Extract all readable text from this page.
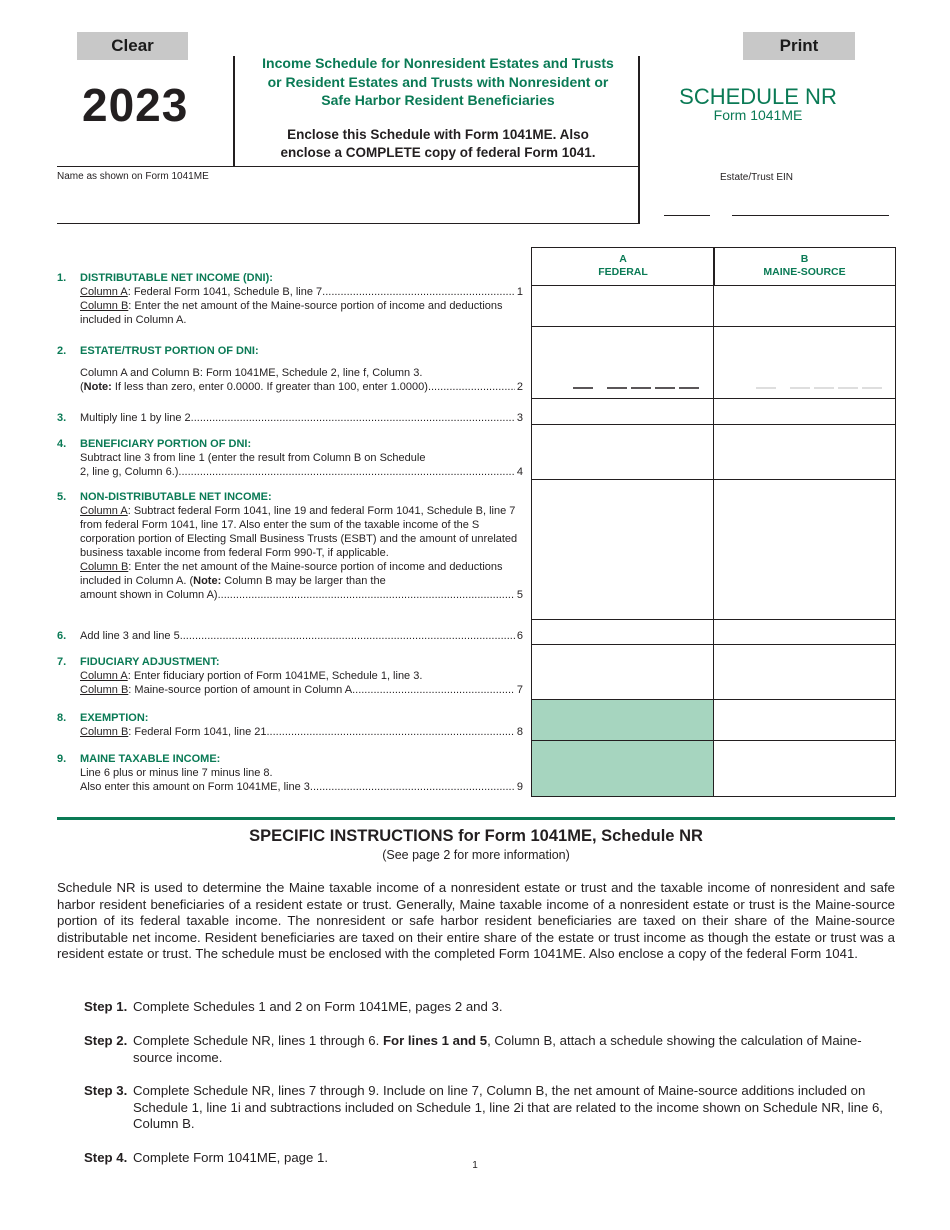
Clear	Print
2023
Income Schedule for Nonresident Estates and Trusts
or Resident Estates and Trusts with Nonresident or
Safe Harbor Resident Beneficiaries
Enclose this Schedule with Form 1041ME. Also
enclose a COMPLETE copy of federal Form 1041.
SCHEDULE NR
Form 1041ME
Name as shown on Form 1041ME	Estate/Trust EIN
A
FEDERAL
B
MAINE-SOURCE
1.	DISTRIBUTABLE NET INCOME (DNI):
Column A: Federal Form 1041, Schedule B, line 7. .....	1
Column B: Enter the net amount of the Maine-source portion of income and deductions included in Column A.
2.	ESTATE/TRUST PORTION OF DNI:
Column A and Column B: Form 1041ME, Schedule 2, line f, Column 3.
(Note: If less than zero, enter 0.0000. If greater than 100, enter 1.0000) .....	2
3.	Multiply line 1 by line 2. .....	3
4.	BENEFICIARY PORTION OF DNI:
Subtract line 3 from line 1 (enter the result from Column B on Schedule
2, line g, Column 6.). .....	4
5.	NON-DISTRIBUTABLE NET INCOME:
Column A: Subtract federal Form 1041, line 19 and federal Form 1041, Schedule B, line 7 from federal Form 1041, line 17. Also enter the sum of the taxable income of the S corporation portion of Electing Small Business Trusts (ESBT) and the amount of unrelated business taxable income from federal Form 990-T, if applicable.
Column B: Enter the net amount of the Maine-source portion of income and deductions included in Column A. (Note: Column B may be larger than the
amount shown in Column A). .....	5
6.	Add line 3 and line 5. .....	6
7.	FIDUCIARY ADJUSTMENT:
Column A: Enter fiduciary portion of Form 1041ME, Schedule 1, line 3.
Column B: Maine-source portion of amount in Column A. .....	7
8.	EXEMPTION:
Column B: Federal Form 1041, line 21. .....	8
9.	MAINE TAXABLE INCOME:
Line 6 plus or minus line 7 minus line 8.
Also enter this amount on Form 1041ME, line 3. .....	9
SPECIFIC INSTRUCTIONS for Form 1041ME, Schedule NR
(See page 2 for more information)
Schedule NR is used to determine the Maine taxable income of a nonresident estate or trust and the taxable income of nonresident and safe harbor resident beneficiaries of a resident estate or trust. Generally, Maine taxable income of a nonresident estate or trust is the Maine-source portion of its federal taxable income. The nonresident or safe harbor resident beneficiaries are taxed on their share of the Maine-source distributable net income. Resident beneficiaries are taxed on their entire share of the estate or trust income as though the estate or trust was a resident estate or trust. The schedule must be enclosed with the completed Form 1041ME. Also enclose a copy of the federal Form 1041.
Step 1. Complete Schedules 1 and 2 on Form 1041ME, pages 2 and 3.
Step 2. Complete Schedule NR, lines 1 through 6. For lines 1 and 5, Column B, attach a schedule showing the calculation of Maine-source income.
Step 3. Complete Schedule NR, lines 7 through 9. Include on line 7, Column B, the net amount of Maine-source additions included on Schedule 1, line 1i and subtractions included on Schedule 1, line 2i that are related to the income shown on Schedule NR, line 6, Column B.
Step 4. Complete Form 1041ME, page 1.
1
